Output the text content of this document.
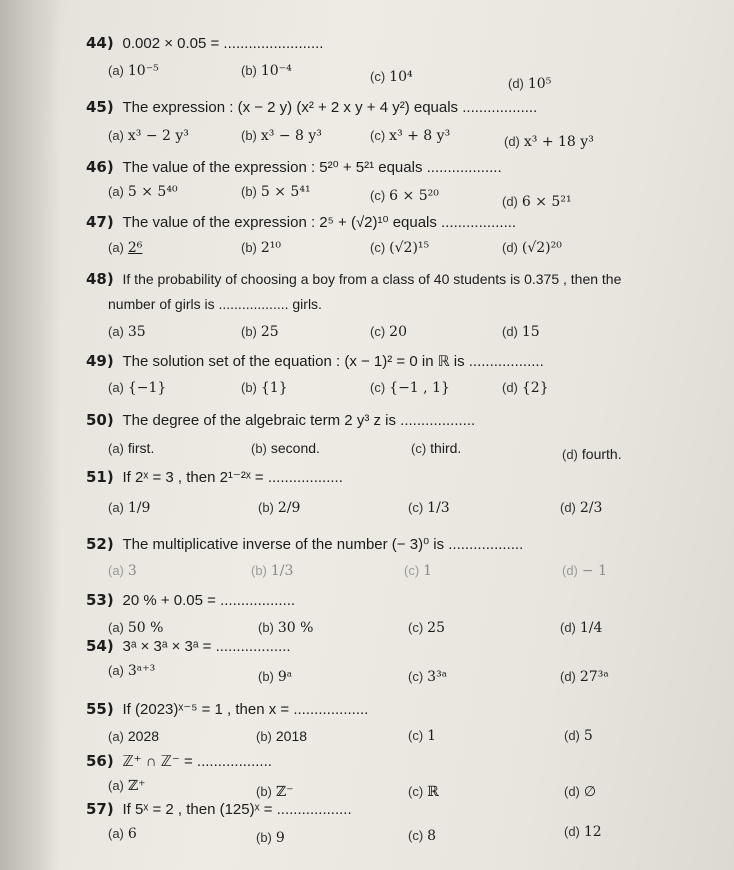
44) 0.002 × 0.05 = ........................
(a) 10⁻⁵	(b) 10⁻⁴	(c) 10⁴	(d) 10⁵
45) The expression : (x − 2 y) (x² + 2 x y + 4 y²) equals ..................
(a) x³ − 2 y³	(b) x³ − 8 y³	(c) x³ + 8 y³	(d) x³ + 18 y³
46) The value of the expression : 5²⁰ + 5²¹ equals ..................
(a) 5 × 5⁴⁰	(b) 5 × 5⁴¹	(c) 6 × 5²⁰	(d) 6 × 5²¹
47) The value of the expression : 2⁵ + (√2)¹⁰ equals ..................
(a) 2⁶	(b) 2¹⁰	(c) (√2)¹⁵	(d) (√2)²⁰
48) If the probability of choosing a boy from a class of 40 students is 0.375 , then the
number of girls is .................. girls.
(a) 35	(b) 25	(c) 20	(d) 15
49) The solution set of the equation : (x − 1)² = 0 in ℝ is ..................
(a) {−1}	(b) {1}	(c) {−1 , 1}	(d) {2}
50) The degree of the algebraic term 2 y³ z is ..................
(a) first.	(b) second.	(c) third.	(d) fourth.
51) If 2ˣ = 3 , then 2¹⁻²ˣ = ..................
(a) 1/9	(b) 2/9	(c) 1/3	(d) 2/3
52) The multiplicative inverse of the number (− 3)⁰ is ..................
(a) 3	(b) 1/3	(c) 1	(d) − 1
53) 20 % + 0.05 = ..................
(a) 50 %	(b) 30 %	(c) 25	(d) 1/4
54) 3ᵃ × 3ᵃ × 3ᵃ = ..................
(a) 3ᵃ⁺³	(b) 9ᵃ	(c) 3³ᵃ	(d) 27³ᵃ
55) If (2023)ˣ⁻⁵ = 1 , then x = ..................
(a) 2028	(b) 2018	(c) 1	(d) 5
56) ℤ⁺ ∩ ℤ⁻ = ..................
(a) ℤ⁺	(b) ℤ⁻	(c) ℝ	(d) ∅
57) If 5ˣ = 2 , then (125)ˣ = ..................
(a) 6	(b) 9	(c) 8	(d) 12
